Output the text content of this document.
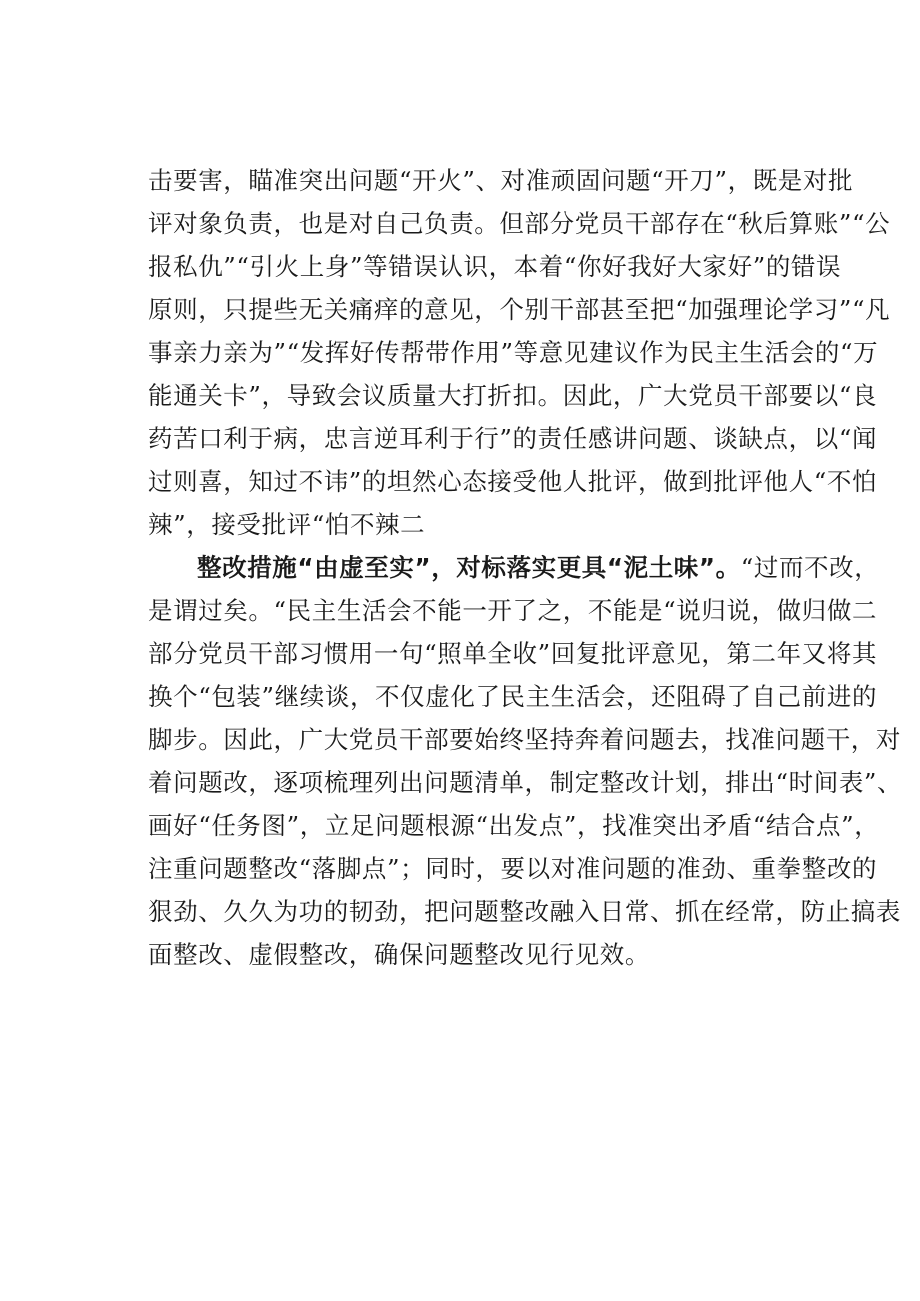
击要害，瞄准突出问题“开火”、对准顽固问题“开刀”，既是对批
评对象负责，也是对自己负责。但部分党员干部存在“秋后算账”“公
报私仇”“引火上身”等错误认识，本着“你好我好大家好”的错误
原则，只提些无关痛痒的意见，个别干部甚至把“加强理论学习”“凡
事亲力亲为”“发挥好传帮带作用”等意见建议作为民主生活会的“万
能通关卡”，导致会议质量大打折扣。因此，广大党员干部要以“良
药苦口利于病，忠言逆耳利于行”的责任感讲问题、谈缺点，以“闻
过则喜，知过不讳”的坦然心态接受他人批评，做到批评他人“不怕
辣”，接受批评“怕不辣二
整改措施“由虚至实”，对标落实更具“泥土味”。“过而不改，
是谓过矣。“民主生活会不能一开了之，不能是“说归说，做归做二
部分党员干部习惯用一句“照单全收”回复批评意见，第二年又将其
换个“包装”继续谈，不仅虚化了民主生活会，还阻碍了自己前进的
脚步。因此，广大党员干部要始终坚持奔着问题去，找准问题干，对
着问题改，逐项梳理列出问题清单，制定整改计划，排出“时间表”、
画好“任务图”，立足问题根源“出发点”，找准突出矛盾“结合点”，
注重问题整改“落脚点”；同时，要以对准问题的准劲、重拳整改的
狠劲、久久为功的韧劲，把问题整改融入日常、抓在经常，防止搞表
面整改、虚假整改，确保问题整改见行见效。
